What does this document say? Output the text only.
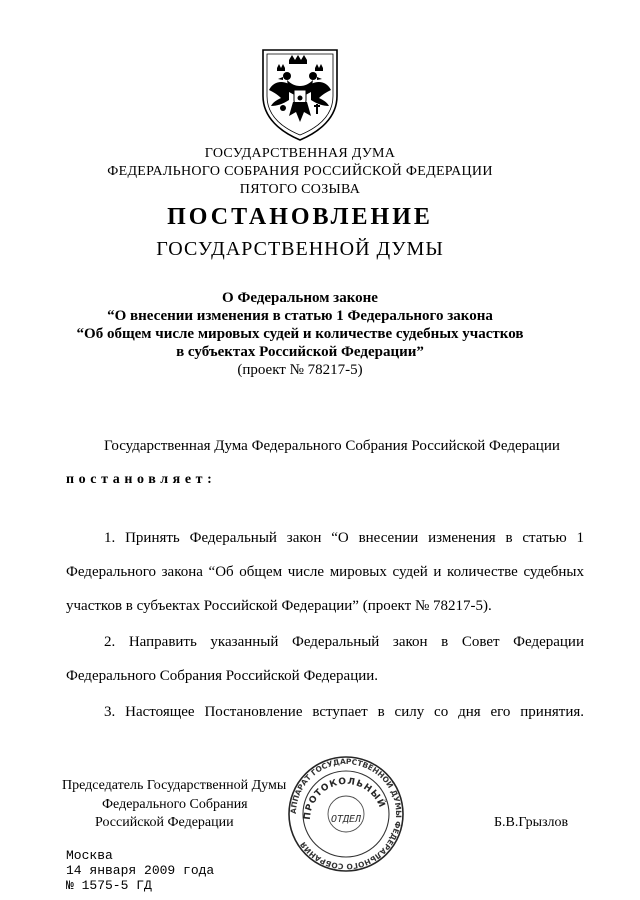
ГОСУДАРСТВЕННАЯ ДУМА
ФЕДЕРАЛЬНОГО СОБРАНИЯ РОССИЙСКОЙ ФЕДЕРАЦИИ
ПЯТОГО СОЗЫВА
ПОСТАНОВЛЕНИЕ
ГОСУДАРСТВЕННОЙ ДУМЫ
О Федеральном законе
“О внесении изменения в статью 1 Федерального закона
“Об общем числе мировых судей и количестве судебных участков
в субъектах Российской Федерации”
(проект № 78217-5)
Государственная Дума Федерального Собрания Российской Федерации
постановляет:
1. Принять Федеральный закон “О внесении изменения в статью 1
Федерального закона “Об общем числе мировых судей и количестве судебных
участков в субъектах Российской Федерации” (проект № 78217-5).
2. Направить указанный Федеральный закон в Совет Федерации
Федерального Собрания Российской Федерации.
3. Настоящее Постановление вступает в силу со дня его принятия.
Председатель Государственной Думы
Федерального Собрания
Российской Федерации	Б.В.Грызлов
АППАРАТ ГОСУДАРСТВЕННОЙ ДУМЫ ФЕДЕРАЛЬНОГО СОБРАНИЯ
ПРОТОКОЛЬНЫЙ
ОТДЕЛ
Москва
14 января 2009 года
№ 1575-5 ГД
